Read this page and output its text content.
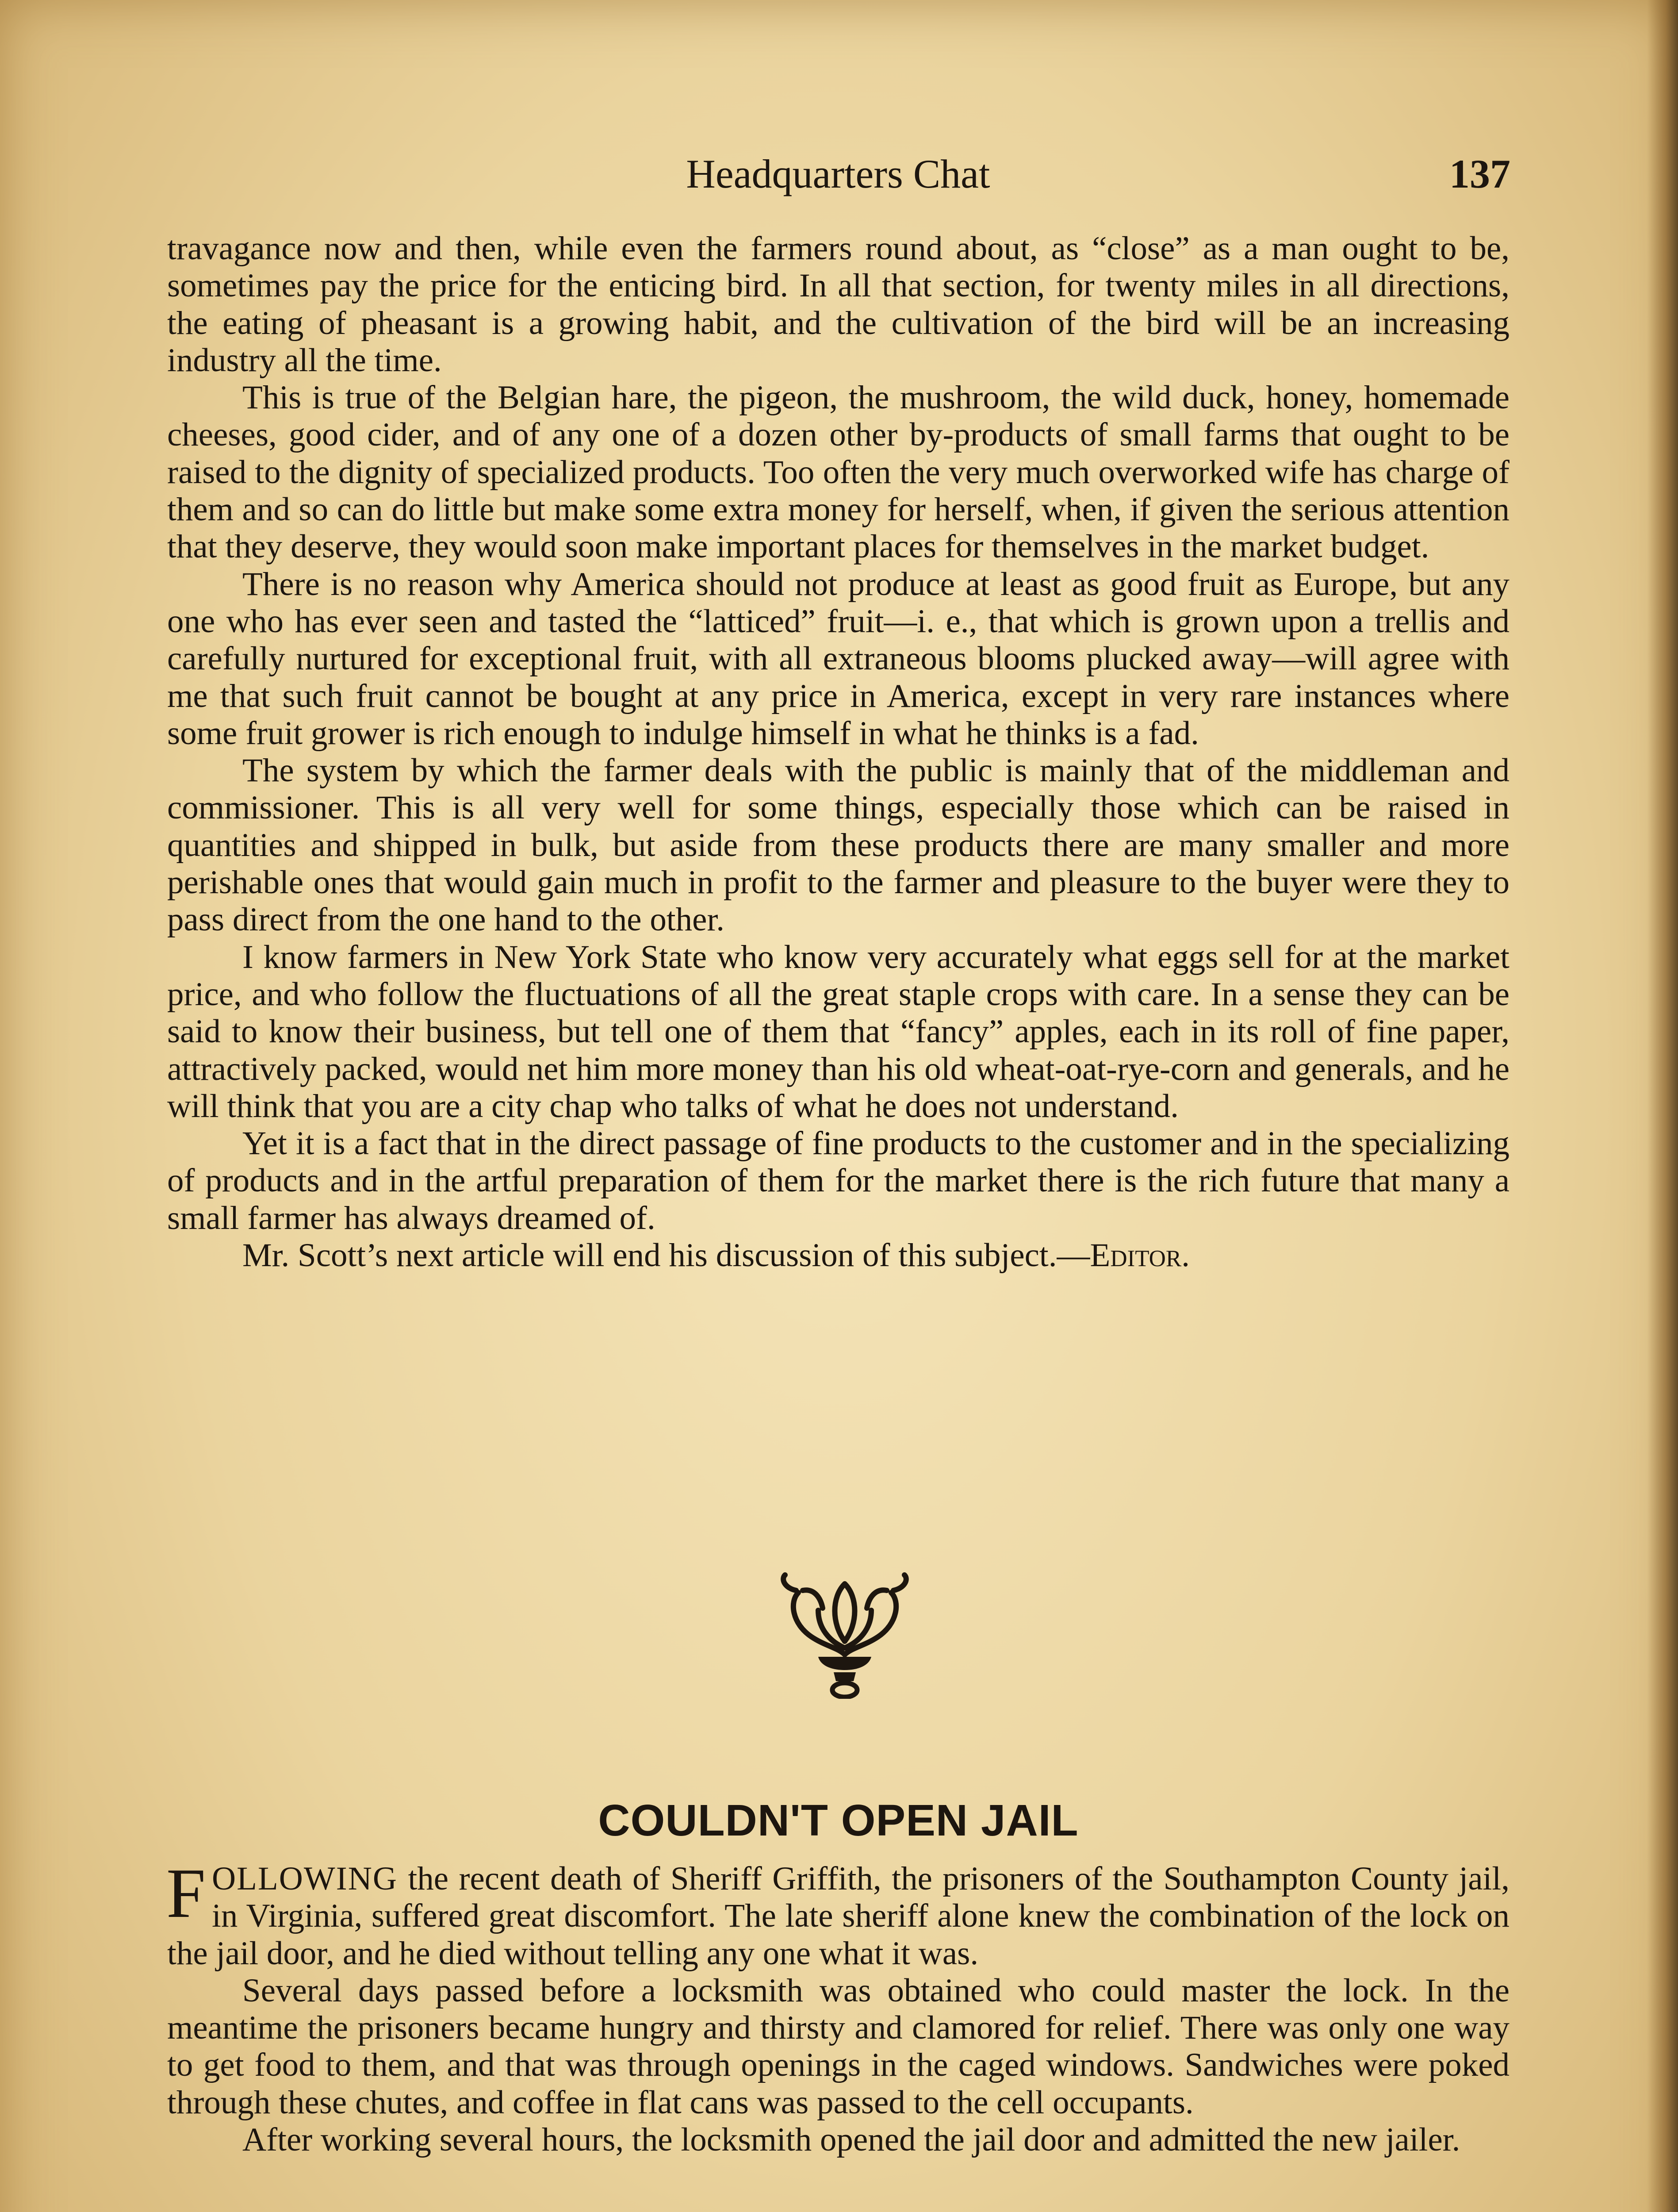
Headquarters Chat	137

travagance now and then, while even the farmers round about, as “close” as a man ought to be, sometimes pay the price for the enticing bird. In all that section, for twenty miles in all directions, the eating of pheasant is a growing habit, and the cultivation of the bird will be an increasing industry all the time.

This is true of the Belgian hare, the pigeon, the mushroom, the wild duck, honey, homemade cheeses, good cider, and of any one of a dozen other by-products of small farms that ought to be raised to the dignity of specialized products. Too often the very much overworked wife has charge of them and so can do little but make some extra money for herself, when, if given the serious attention that they deserve, they would soon make important places for themselves in the market budget.

There is no reason why America should not produce at least as good fruit as Europe, but any one who has ever seen and tasted the “latticed” fruit—i. e., that which is grown upon a trellis and carefully nurtured for exceptional fruit, with all extraneous blooms plucked away—will agree with me that such fruit cannot be bought at any price in America, except in very rare instances where some fruit grower is rich enough to indulge himself in what he thinks is a fad.

The system by which the farmer deals with the public is mainly that of the middleman and commissioner. This is all very well for some things, especially those which can be raised in quantities and shipped in bulk, but aside from these products there are many smaller and more perishable ones that would gain much in profit to the farmer and pleasure to the buyer were they to pass direct from the one hand to the other.

I know farmers in New York State who know very accurately what eggs sell for at the market price, and who follow the fluctuations of all the great staple crops with care. In a sense they can be said to know their business, but tell one of them that “fancy” apples, each in its roll of fine paper, attractively packed, would net him more money than his old wheat-oat-rye-corn and generals, and he will think that you are a city chap who talks of what he does not understand.

Yet it is a fact that in the direct passage of fine products to the customer and in the specializing of products and in the artful preparation of them for the market there is the rich future that many a small farmer has always dreamed of.

Mr. Scott’s next article will end his discussion of this subject.—Editor.

COULDN'T OPEN JAIL

FOLLOWING the recent death of Sheriff Griffith, the prisoners of the Southampton County jail, in Virginia, suffered great discomfort. The late sheriff alone knew the combination of the lock on the jail door, and he died without telling any one what it was.

Several days passed before a locksmith was obtained who could master the lock. In the meantime the prisoners became hungry and thirsty and clamored for relief. There was only one way to get food to them, and that was through openings in the caged windows. Sandwiches were poked through these chutes, and coffee in flat cans was passed to the cell occupants.

After working several hours, the locksmith opened the jail door and admitted the new jailer.
